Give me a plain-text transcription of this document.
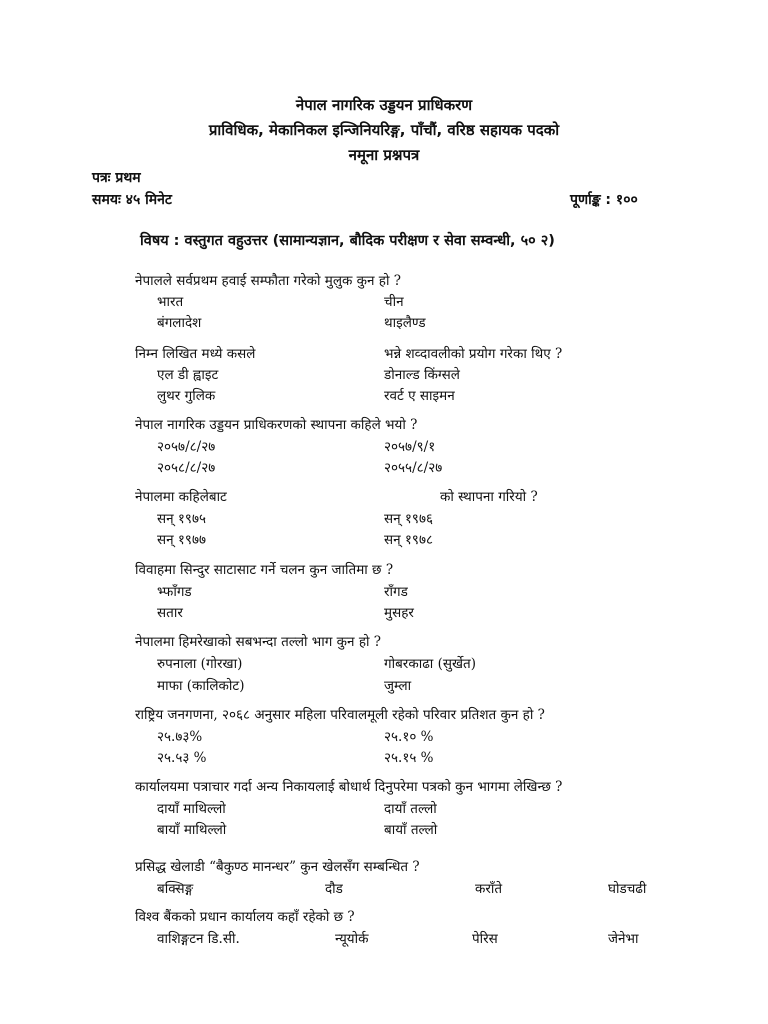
नेपाल नागरिक उड्डयन प्राधिकरण
प्राविधिक, मेकानिकल इन्जिनियरिङ्ग, पाँचौं, वरिष्ठ सहायक पदको
नमूना प्रश्नपत्र
पत्रः प्रथम
समयः ४५ मिनेट	पूर्णाङ्क : १००
विषय : वस्तुगत वहुउत्तर (सामान्यज्ञान, बौदिक परीक्षण र सेवा सम्वन्धी, ५० २)
नेपालले सर्वप्रथम हवाई सम्फौता गरेको मुलुक कुन हो ?
भारत	चीन
बंगलादेश	थाइलैण्ड
निम्न लिखित मध्ये कसले	भन्ने शव्दावलीको प्रयोग गरेका थिए ?
एल डी ह्वाइट	डोनाल्ड किंग्सले
लुथर गुलिक	रवर्ट ए साइमन
नेपाल नागरिक उड्डयन प्राधिकरणको स्थापना कहिले भयो ?
२०५७/८/२७	२०५७/९/१
२०५८/८/२७	२०५५/८/२७
नेपालमा कहिलेबाट	को स्थापना गरियो ?
सन् १९७५	सन् १९७६
सन् १९७७	सन् १९७८
विवाहमा सिन्दुर साटासाट गर्ने चलन कुन जातिमा छ ?
भ्फाँगड	राँगड
सतार	मुसहर
नेपालमा हिमरेखाको सबभन्दा तल्लो भाग कुन हो ?
रुपनाला (गोरखा)	गोबरकाढा (सुर्खेत)
माफा (कालिकोट)	जुम्ला
राष्ट्रिय जनगणना, २०६८ अनुसार महिला परिवालमूली रहेको परिवार प्रतिशत कुन हो ?
२५.७३%	२५.१० %
२५.५३ %	२५.१५ %
कार्यालयमा पत्राचार गर्दा अन्य निकायलाई बोधार्थ दिनुपरेमा पत्रको कुन भागमा लेखिन्छ ?
दायाँ माथिल्लो	दायाँ तल्लो
बायाँ माथिल्लो	बायाँ तल्लो
प्रसिद्ध खेलाडी “बैकुण्ठ मानन्धर” कुन खेलसँग सम्बन्धित ?
बक्सिङ्ग	दौड	कराँते	घोडचढी
विश्व बैंकको प्रधान कार्यालय कहाँ रहेको छ ?
वाशिङ्गटन डि.सी.	न्यूयोर्क	पेरिस	जेनेभा
